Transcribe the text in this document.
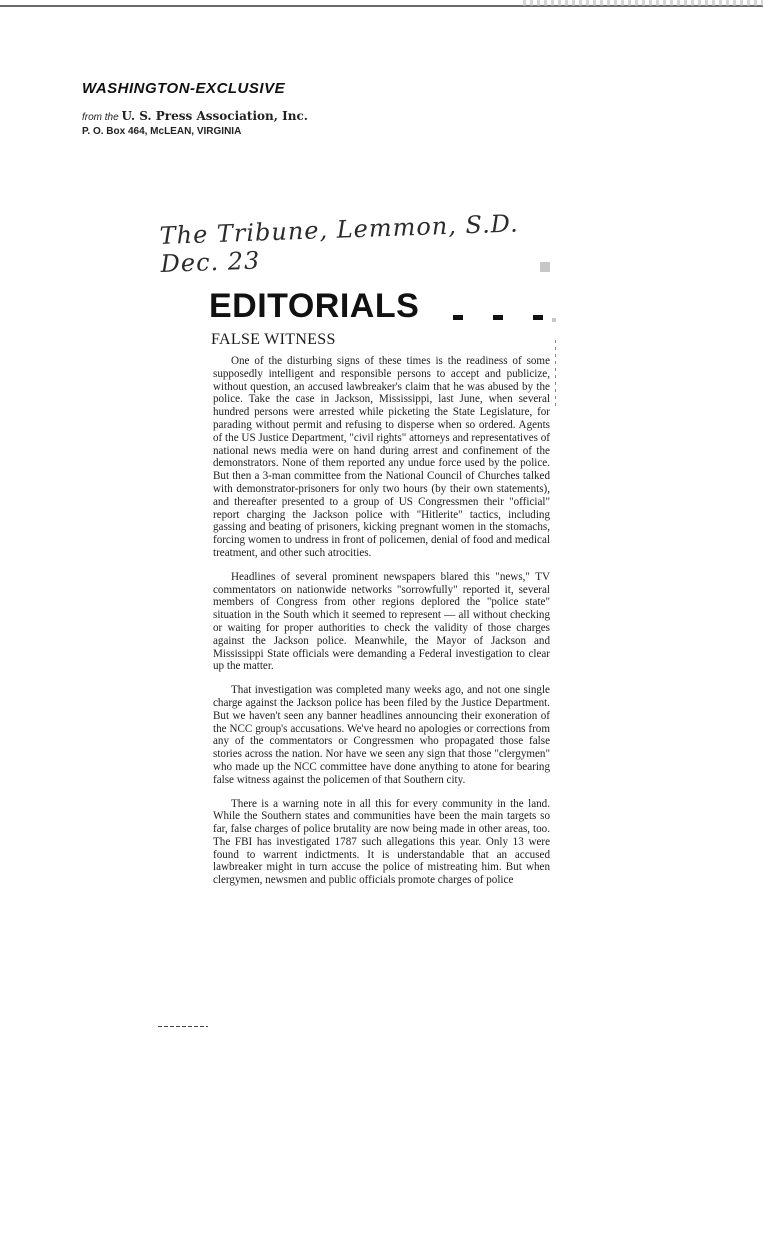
WASHINGTON-EXCLUSIVE
from the U. S. Press Association, Inc.
P. O. Box 464, McLEAN, VIRGINIA
The Tribune, Lemmon, S.D. Dec. 23
EDITORIALS
FALSE WITNESS

One of the disturbing signs of these times is the readiness of some supposedly intelligent and responsible persons to accept and publicize, without question, an accused lawbreaker's claim that he was abused by the police. Take the case in Jackson, Mississippi, last June, when several hundred persons were arrested while picketing the State Legislature, for parading without permit and refusing to disperse when so ordered. Agents of the US Justice Department, "civil rights" attorneys and representatives of national news media were on hand during arrest and confinement of the demonstrators. None of them reported any undue force used by the police. But then a 3-man committee from the National Council of Churches talked with demonstrator-prisoners for only two hours (by their own statements), and thereafter presented to a group of US Congressmen their "official" report charging the Jackson police with "Hitlerite" tactics, including gassing and beating of prisoners, kicking pregnant women in the stomachs, forcing women to undress in front of policemen, denial of food and medical treatment, and other such atrocities.

Headlines of several prominent newspapers blared this "news," TV commentators on nationwide networks "sorrowfully" reported it, several members of Congress from other regions deplored the "police state" situation in the South which it seemed to represent — all without checking or waiting for proper authorities to check the validity of those charges against the Jackson police. Meanwhile, the Mayor of Jackson and Mississippi State officials were demanding a Federal investigation to clear up the matter.

That investigation was completed many weeks ago, and not one single charge against the Jackson police has been filed by the Justice Department. But we haven't seen any banner headlines announcing their exoneration of the NCC group's accusations. We've heard no apologies or corrections from any of the commentators or Congressmen who propagated those false stories across the nation. Nor have we seen any sign that those "clergymen" who made up the NCC committee have done anything to atone for bearing false witness against the policemen of that Southern city.

There is a warning note in all this for every community in the land. While the Southern states and communities have been the main targets so far, false charges of police brutality are now being made in other areas, too. The FBI has investigated 1787 such allegations this year. Only 13 were found to warrent indictments. It is understandable that an accused lawbreaker might in turn accuse the police of mistreating him. But when clergymen, newsmen and public officials promote charges of police
